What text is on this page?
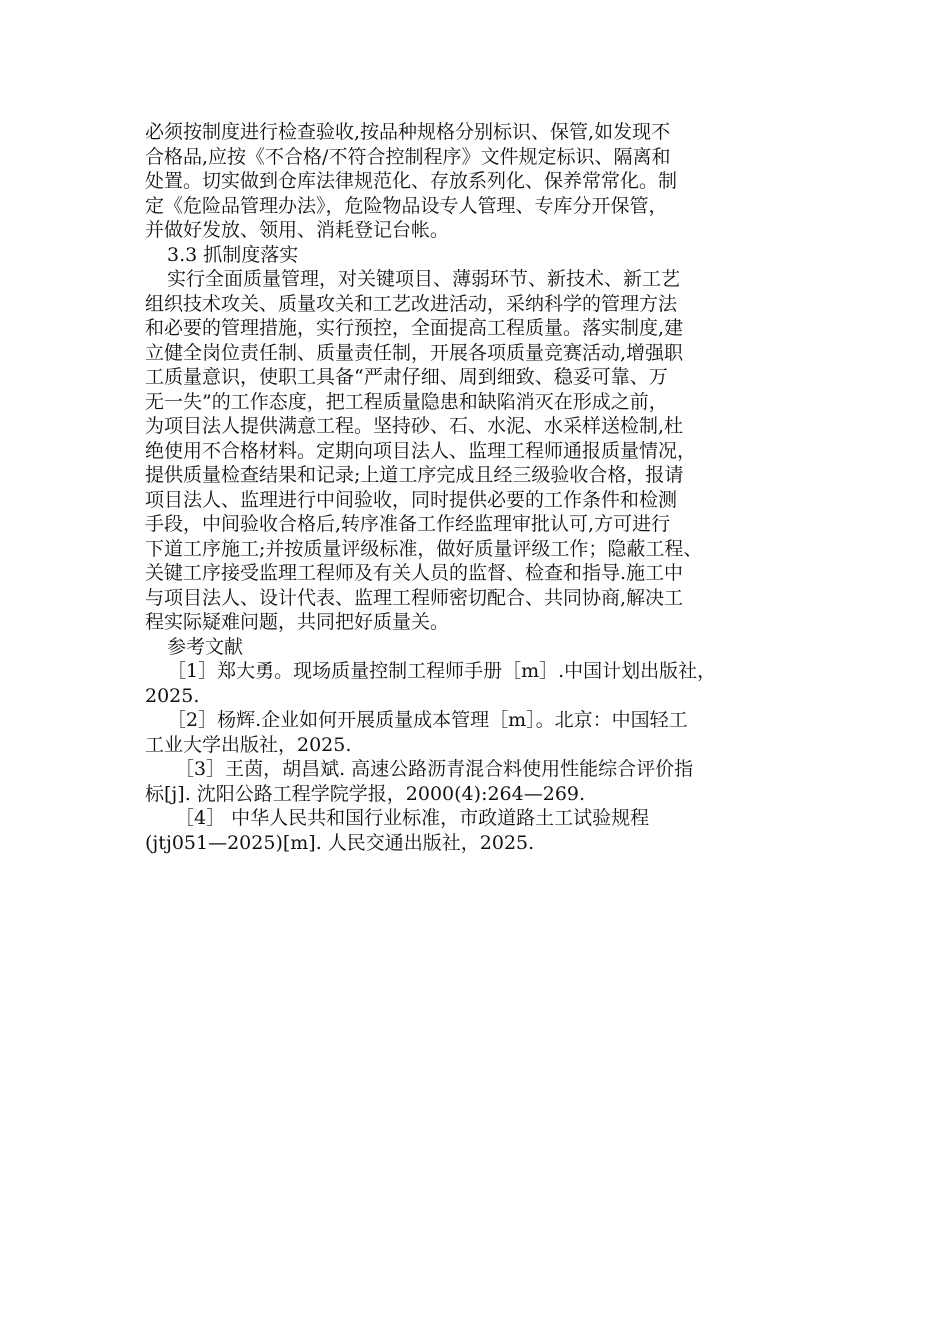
必须按制度进行检查验收,按品种规格分别标识、保管,如发现不
合格品,应按《不合格/不符合控制程序》文件规定标识、隔离和
处置。切实做到仓库法律规范化、存放系列化、保养常常化。制
定《危险品管理办法》，危险物品设专人管理、专库分开保管，
并做好发放、领用、消耗登记台帐。
3.3 抓制度落实
实行全面质量管理，对关键项目、薄弱环节、新技术、新工艺
组织技术攻关、质量攻关和工艺改进活动，采纳科学的管理方法
和必要的管理措施，实行预控，全面提高工程质量。落实制度,建
立健全岗位责任制、质量责任制，开展各项质量竞赛活动,增强职
工质量意识，使职工具备“严肃仔细、周到细致、稳妥可靠、万
无一失”的工作态度，把工程质量隐患和缺陷消灭在形成之前，
为项目法人提供满意工程。坚持砂、石、水泥、水采样送检制,杜
绝使用不合格材料。定期向项目法人、监理工程师通报质量情况，
提供质量检查结果和记录;上道工序完成且经三级验收合格，报请
项目法人、监理进行中间验收，同时提供必要的工作条件和检测
手段，中间验收合格后,转序准备工作经监理审批认可,方可进行
下道工序施工;并按质量评级标准，做好质量评级工作；隐蔽工程、
关键工序接受监理工程师及有关人员的监督、检查和指导.施工中
与项目法人、设计代表、监理工程师密切配合、共同协商,解决工
程实际疑难问题，共同把好质量关。
参考文献
［1］郑大勇。现场质量控制工程师手册［m］.中国计划出版社，
2025.
［2］杨辉.企业如何开展质量成本管理［m］。北京：中国轻工
工业大学出版社，2025.
［3］王茵，胡昌斌. 高速公路沥青混合料使用性能综合评价指
标[j]. 沈阳公路工程学院学报，2000(4):264—269.
［4］ 中华人民共和国行业标准，市政道路土工试验规程
(jtj051—2025)[m]. 人民交通出版社，2025.
